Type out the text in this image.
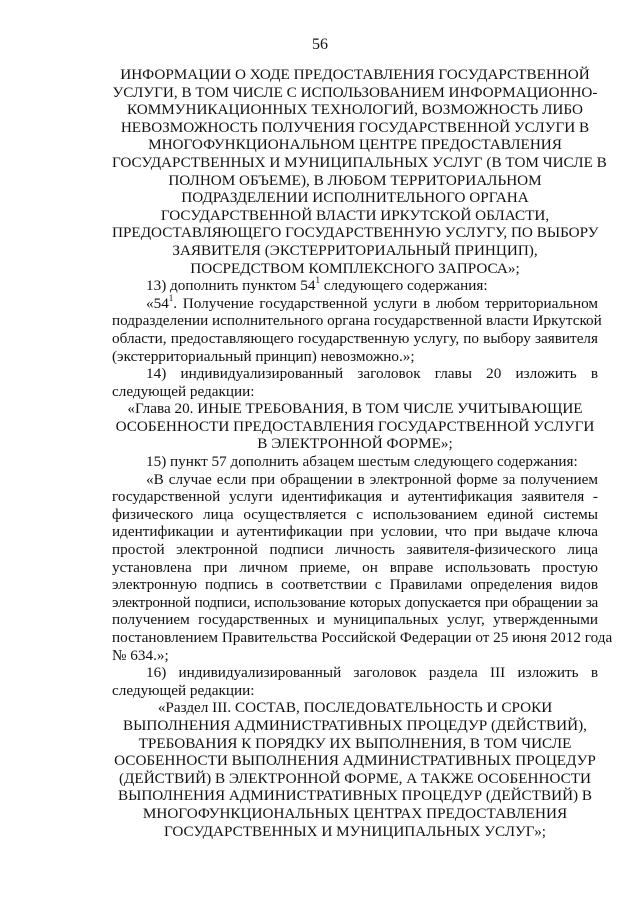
56
ИНФОРМАЦИИ О ХОДЕ ПРЕДОСТАВЛЕНИЯ ГОСУДАРСТВЕННОЙ
УСЛУГИ, В ТОМ ЧИСЛЕ С ИСПОЛЬЗОВАНИЕМ ИНФОРМАЦИОННО-
КОММУНИКАЦИОННЫХ ТЕХНОЛОГИЙ, ВОЗМОЖНОСТЬ ЛИБО
НЕВОЗМОЖНОСТЬ ПОЛУЧЕНИЯ ГОСУДАРСТВЕННОЙ УСЛУГИ В
МНОГОФУНКЦИОНАЛЬНОМ ЦЕНТРЕ ПРЕДОСТАВЛЕНИЯ
ГОСУДАРСТВЕННЫХ И МУНИЦИПАЛЬНЫХ УСЛУГ (В ТОМ ЧИСЛЕ В
ПОЛНОМ ОБЪЕМЕ), В ЛЮБОМ ТЕРРИТОРИАЛЬНОМ
ПОДРАЗДЕЛЕНИИ ИСПОЛНИТЕЛЬНОГО ОРГАНА
ГОСУДАРСТВЕННОЙ ВЛАСТИ ИРКУТСКОЙ ОБЛАСТИ,
ПРЕДОСТАВЛЯЮЩЕГО ГОСУДАРСТВЕННУЮ УСЛУГУ, ПО ВЫБОРУ
ЗАЯВИТЕЛЯ (ЭКСТЕРРИТОРИАЛЬНЫЙ ПРИНЦИП),
ПОСРЕДСТВОМ КОМПЛЕКСНОГО ЗАПРОСА»;

13) дополнить пунктом $54^1$ следующего содержания:

«$54^1$. Получение государственной услуги в любом территориальном
подразделении исполнительного органа государственной власти Иркутской
области, предоставляющего государственную услугу, по выбору заявителя
(экстерриториальный принцип) невозможно.»;
14)   индивидуализированный   заголовок   главы   20   изложить   в
следующей редакции:
«Глава 20. ИНЫЕ ТРЕБОВАНИЯ, В ТОМ ЧИСЛЕ УЧИТЫВАЮЩИЕ
ОСОБЕННОСТИ ПРЕДОСТАВЛЕНИЯ ГОСУДАРСТВЕННОЙ УСЛУГИ
В ЭЛЕКТРОННОЙ ФОРМЕ»;

15) пункт 57 дополнить абзацем шестым следующего содержания:

«В случае если при обращении в электронной форме за получением
государственной услуги идентификация и аутентификация заявителя -
физического лица осуществляется с использованием единой системы
идентификации и аутентификации при условии, что при выдаче ключа
простой электронной подписи личность заявителя-физического лица
установлена при личном приеме, он вправе использовать простую
электронную подпись в соответствии с Правилами определения видов
электронной подписи, использование которых допускается при обращении за
получением государственных и муниципальных услуг, утвержденными
постановлением Правительства Российской Федерации от 25 июня 2012 года
№ 634.»;
16)   индивидуализированный   заголовок   раздела   III   изложить   в
следующей редакции:
«Раздел III. СОСТАВ, ПОСЛЕДОВАТЕЛЬНОСТЬ И СРОКИ
ВЫПОЛНЕНИЯ АДМИНИСТРАТИВНЫХ ПРОЦЕДУР (ДЕЙСТВИЙ),
ТРЕБОВАНИЯ К ПОРЯДКУ ИХ ВЫПОЛНЕНИЯ, В ТОМ ЧИСЛЕ
ОСОБЕННОСТИ ВЫПОЛНЕНИЯ АДМИНИСТРАТИВНЫХ ПРОЦЕДУР
(ДЕЙСТВИЙ) В ЭЛЕКТРОННОЙ ФОРМЕ, А ТАКЖЕ ОСОБЕННОСТИ
ВЫПОЛНЕНИЯ АДМИНИСТРАТИВНЫХ ПРОЦЕДУР (ДЕЙСТВИЙ) В
МНОГОФУНКЦИОНАЛЬНЫХ ЦЕНТРАХ ПРЕДОСТАВЛЕНИЯ
ГОСУДАРСТВЕННЫХ И МУНИЦИПАЛЬНЫХ УСЛУГ»;
